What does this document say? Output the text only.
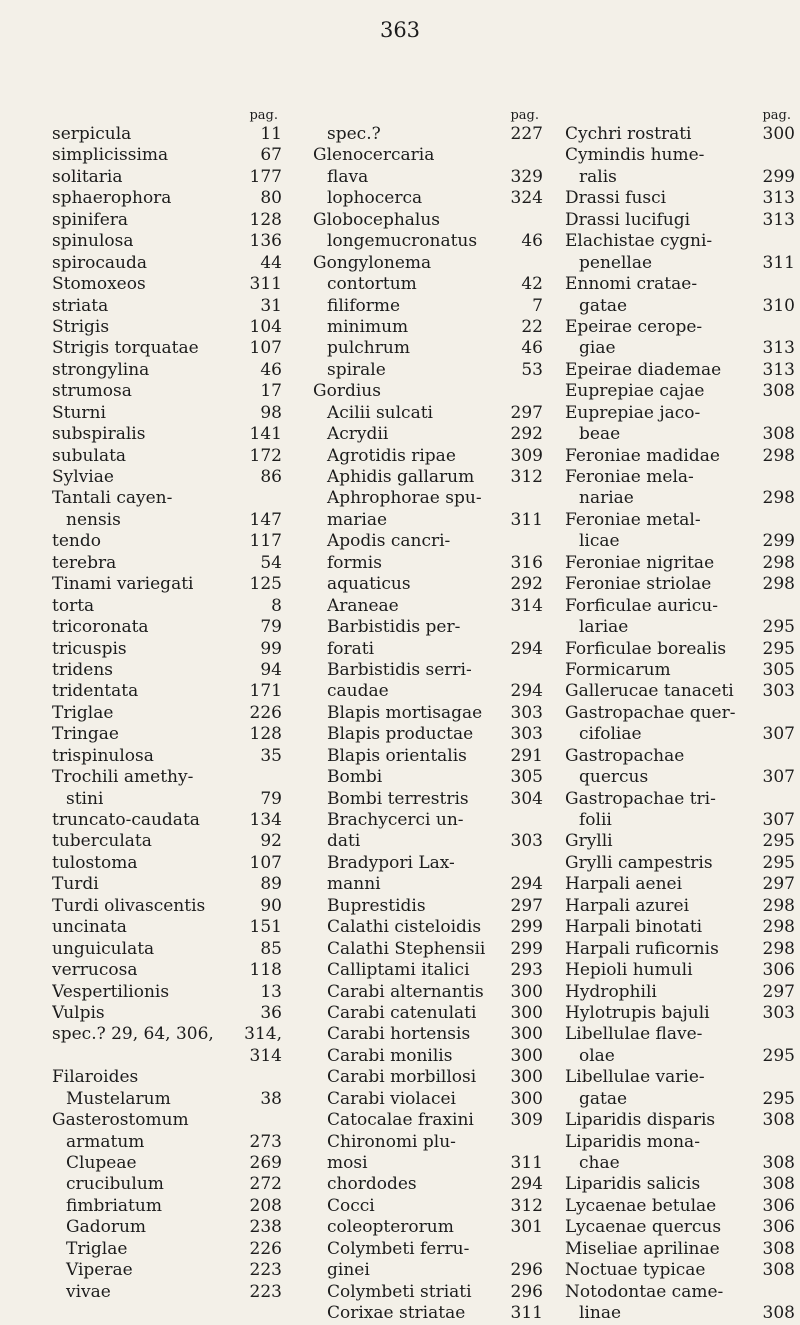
363
pag.
serpicula	11
simplicissima	67
solitaria	177
sphaerophora	80
spinifera	128
spinulosa	136
spirocauda	44
Stomoxeos	311
striata	31
Strigis	104
Strigis torquatae	107
strongylina	46
strumosa	17
Sturni	98
subspiralis	141
subulata	172
Sylviae	86
Tantali cayen-
nensis	147
tendo	117
terebra	54
Tinami variegati	125
torta	8
tricoronata	79
tricuspis	99
tridens	94
tridentata	171
Triglae	226
Tringae	128
trispinulosa	35
Trochili amethy-
stini	79
truncato-caudata	134
tuberculata	92
tulostoma	107
Turdi	89
Turdi olivascentis	90
uncinata	151
unguiculata	85
verrucosa	118
Vespertilionis	13
Vulpis	36
spec.? 29, 64, 306,	314,
314
Filaroides
Mustelarum	38
Gasterostomum
armatum	273
Clupeae	269
crucibulum	272
fimbriatum	208
Gadorum	238
Triglae	226
Viperae	223
vivae	223
pag.
spec.?	227
Glenocercaria
flava	329
lophocerca	324
Globocephalus
longemucronatus	46
Gongylonema
contortum	42
filiforme	7
minimum	22
pulchrum	46
spirale	53
Gordius
Acilii sulcati	297
Acrydii	292
Agrotidis ripae	309
Aphidis gallarum	312
Aphrophorae spu-
mariae	311
Apodis cancri-
formis	316
aquaticus	292
Araneae	314
Barbistidis per-
forati	294
Barbistidis serri-
caudae	294
Blapis mortisagae	303
Blapis productae	303
Blapis orientalis	291
Bombi	305
Bombi terrestris	304
Brachycerci un-
dati	303
Bradypori Lax-
manni	294
Buprestidis	297
Calathi cisteloidis	299
Calathi Stephensii	299
Calliptami italici	293
Carabi alternantis	300
Carabi catenulati	300
Carabi hortensis	300
Carabi monilis	300
Carabi morbillosi	300
Carabi violacei	300
Catocalae fraxini	309
Chironomi plu-
mosi	311
chordodes	294
Cocci	312
coleopterorum	301
Colymbeti ferru-
ginei	296
Colymbeti striati	296
Corixae striatae	311
pag.
Cychri rostrati	300
Cymindis hume-
ralis	299
Drassi fusci	313
Drassi lucifugi	313
Elachistae cygni-
penellae	311
Ennomi cratae-
gatae	310
Epeirae cerope-
giae	313
Epeirae diademae	313
Euprepiae cajae	308
Euprepiae jaco-
beae	308
Feroniae madidae	298
Feroniae mela-
nariae	298
Feroniae metal-
licae	299
Feroniae nigritae	298
Feroniae striolae	298
Forficulae auricu-
lariae	295
Forficulae borealis	295
Formicarum	305
Gallerucae tanaceti	303
Gastropachae quer-
cifoliae	307
Gastropachae
quercus	307
Gastropachae tri-
folii	307
Grylli	295
Grylli campestris	295
Harpali aenei	297
Harpali azurei	298
Harpali binotati	298
Harpali ruficornis	298
Hepioli humuli	306
Hydrophili	297
Hylotrupis bajuli	303
Libellulae flave-
olae	295
Libellulae varie-
gatae	295
Liparidis disparis	308
Liparidis mona-
chae	308
Liparidis salicis	308
Lycaenae betulae	306
Lycaenae quercus	306
Miseliae aprilinae	308
Noctuae typicae	308
Notodontae came-
linae	308
